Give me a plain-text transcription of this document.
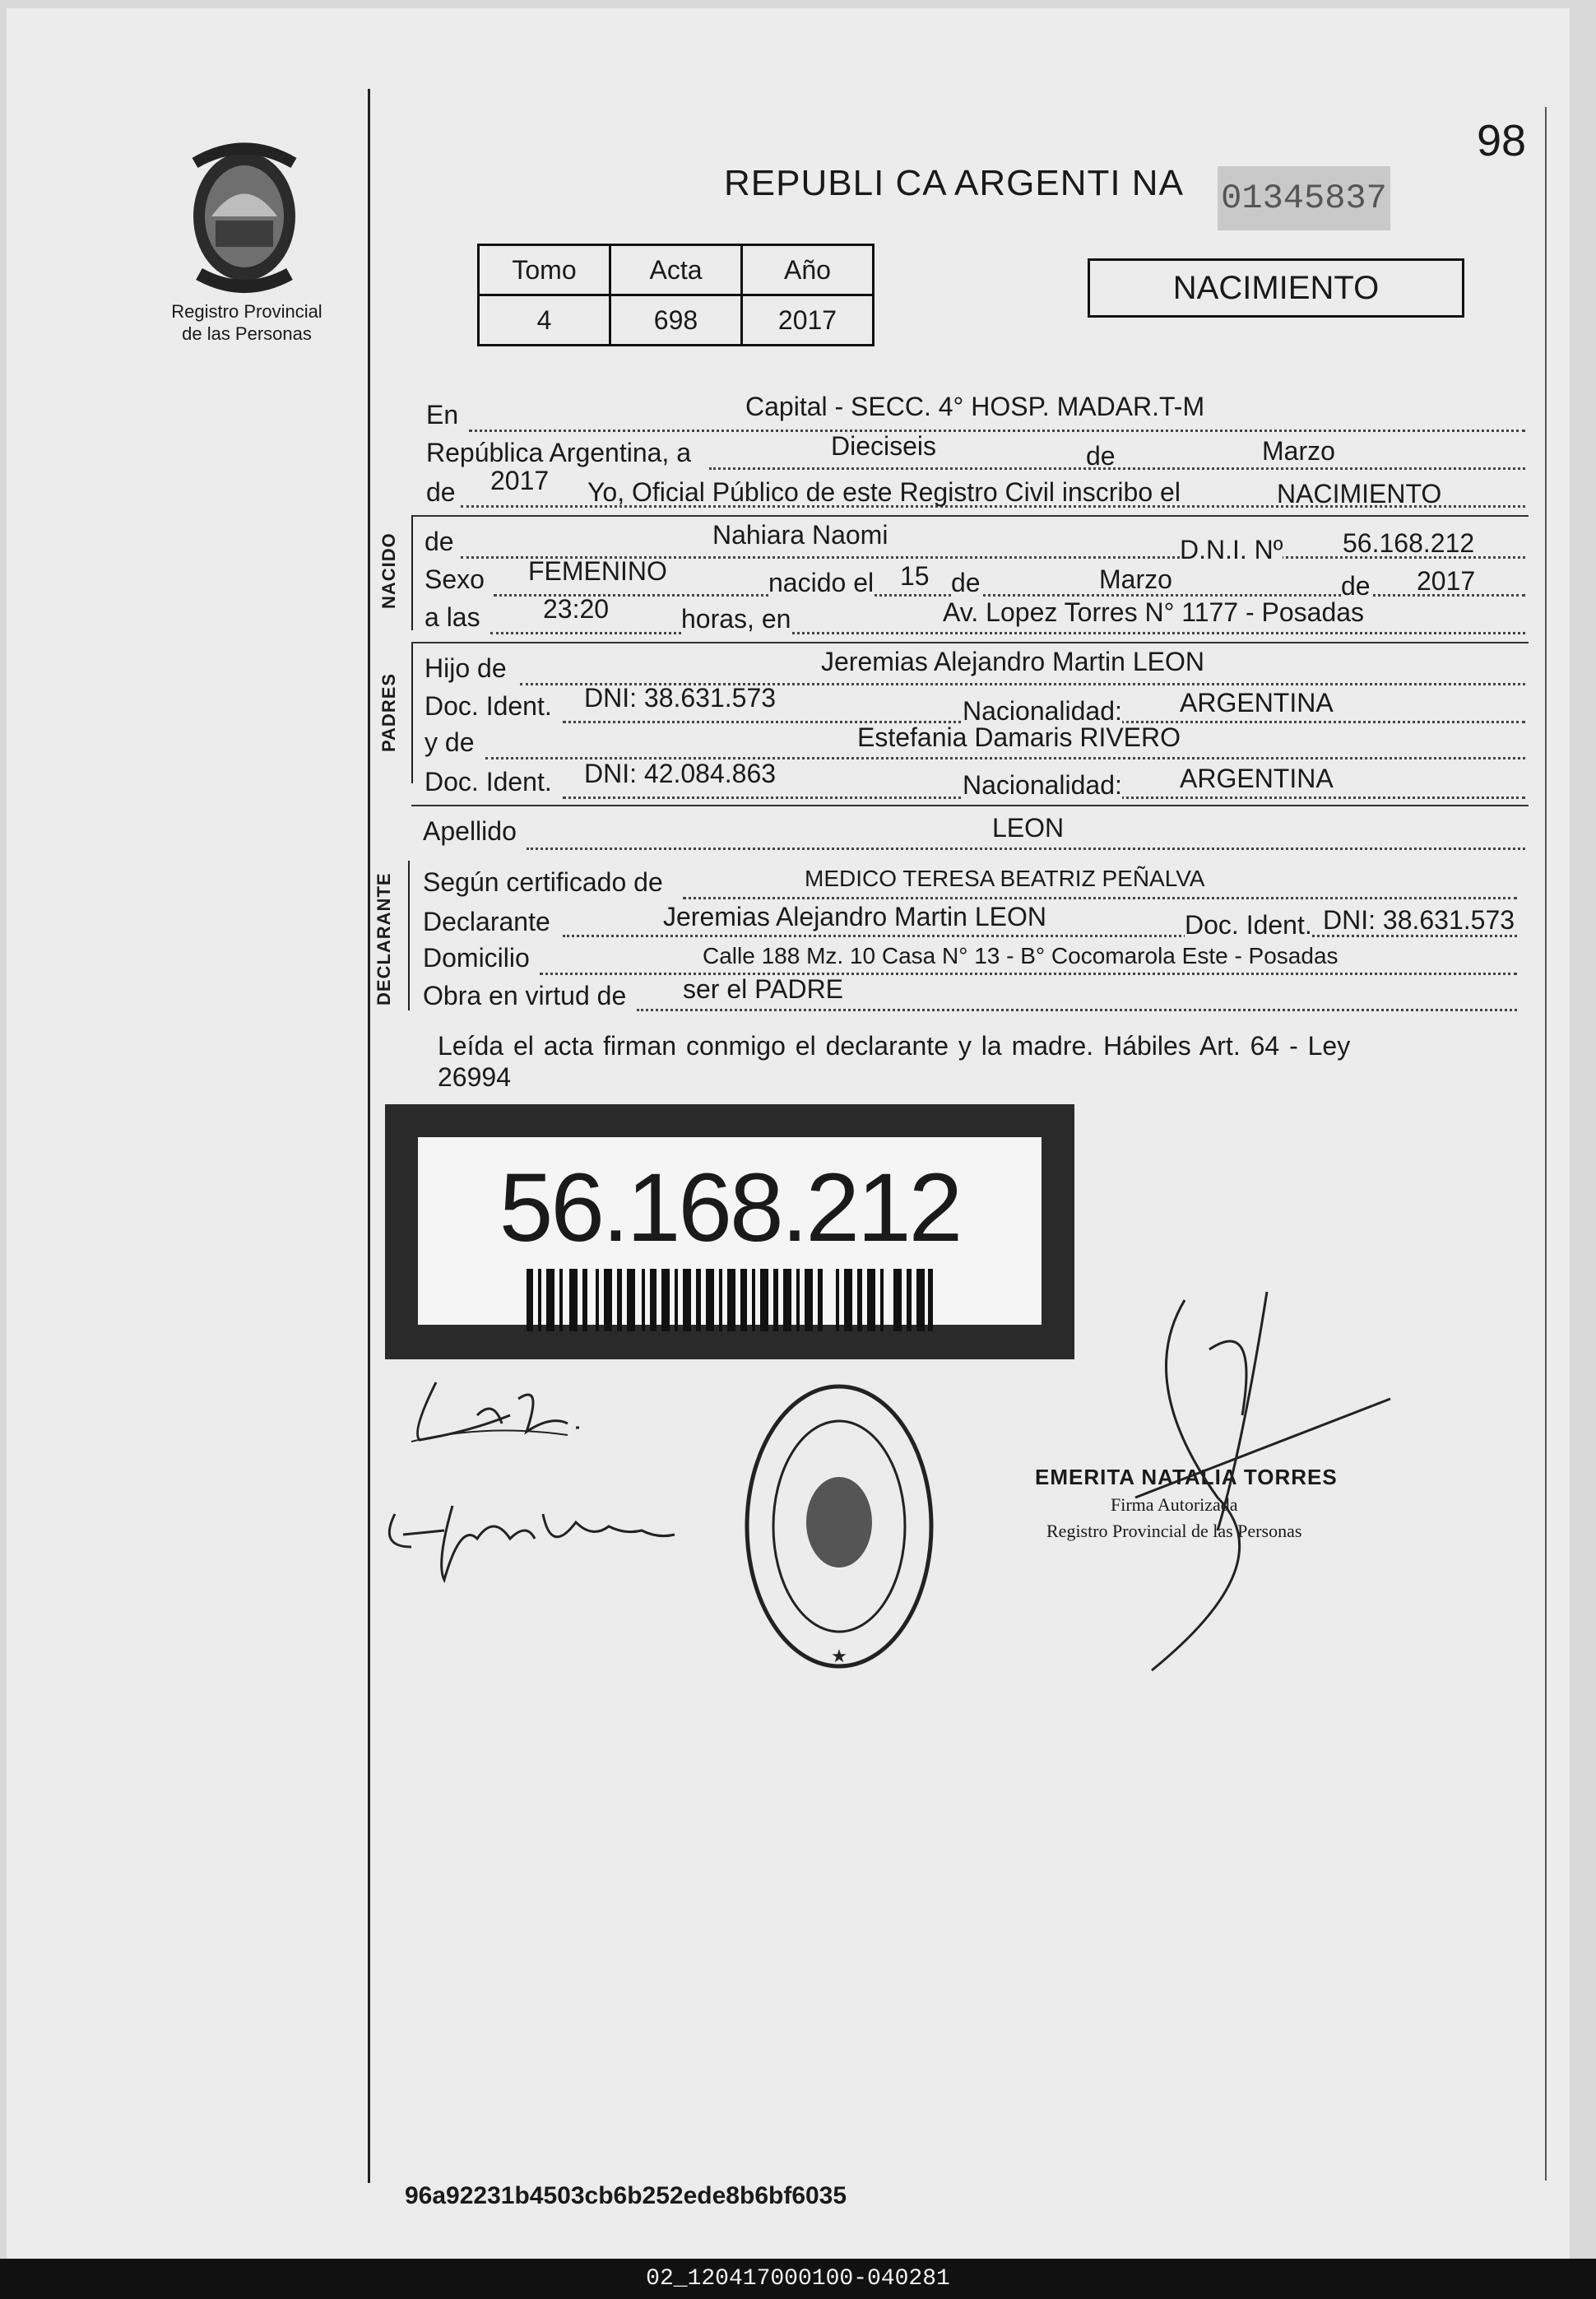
98
Registro Provincial
de las Personas
REPUBLI CA ARGENTI NA 01345837
Tomo	Acta	Año
4	698	2017
NACIMIENTO
En	Capital - SECC. 4° HOSP. MADAR.T-M
República Argentina, a	Dieciseis	de	Marzo
de 2017 Yo, Oficial Público de este Registro Civil inscribo el	NACIMIENTO
NACIDO de	Nahiara Naomi	D.N.I. Nº 56.168.212
Sexo FEMENINO	nacido el 15 de	Marzo	de 2017
a las 23:20	horas, en	Av. Lopez Torres N° 1177 - Posadas
PADRES
Hijo de	Jeremias Alejandro Martin LEON
Doc. Ident. DNI: 38.631.573	Nacionalidad: ARGENTINA
y de	Estefania Damaris RIVERO
Doc. Ident. DNI: 42.084.863	Nacionalidad: ARGENTINA
Apellido	LEON
DECLARANTE Según certificado de	MEDICO TERESA BEATRIZ PEÑALVA
Declarante	Jeremias Alejandro Martin LEON	Doc. Ident. DNI: 38.631.573
Domicilio	Calle 188 Mz. 10 Casa N° 13 - B° Cocomarola Este - Posadas
Obra en virtud de ser el PADRE
Leída el acta firman conmigo el declarante y la madre. Hábiles Art. 64 - Ley
26994
56.168.212
★
EMERITA NATALIA TORRES
Firma Autorizada
Registro Provincial de las Personas
96a92231b4503cb6b252ede8b6bf6035
02_120417000100-040281
